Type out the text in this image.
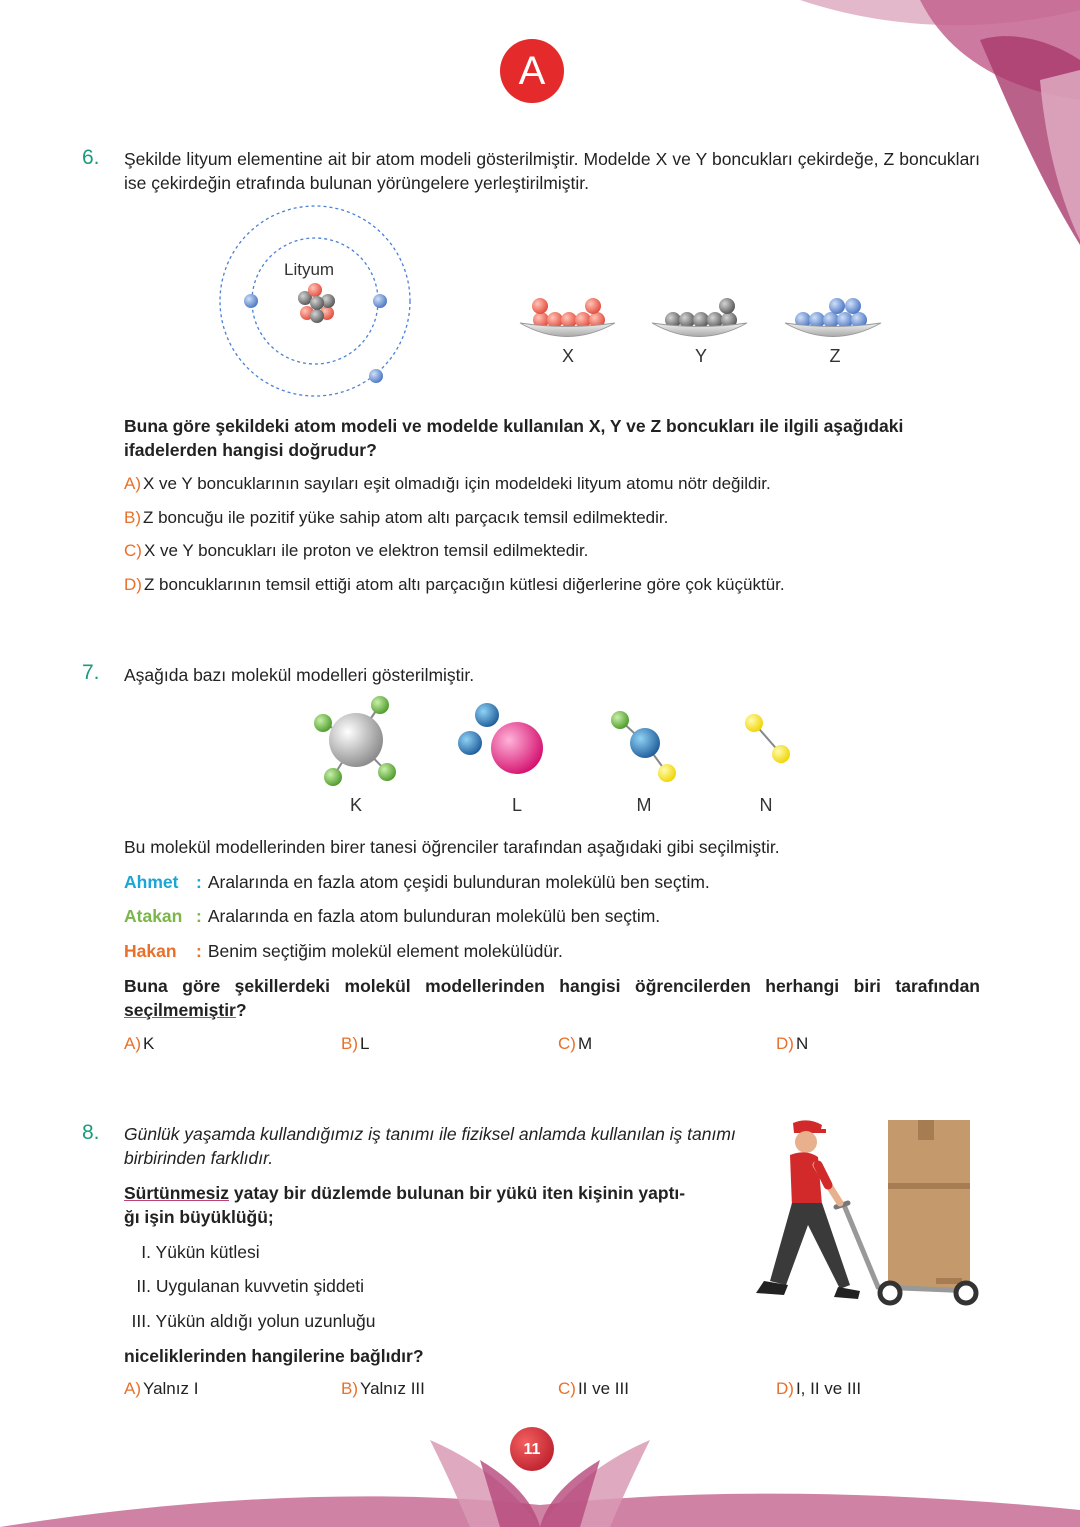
A
6. Şekilde lityum elementine ait bir atom modeli gösterilmiştir. Modelde X ve Y boncukları çekirdeğe, Z boncukları ise çekirdeğin etrafında bulunan yörüngelere yerleştirilmiştir.
Lityum
X	Y	Z
Buna göre şekildeki atom modeli ve modelde kullanılan X, Y ve Z boncukları ile ilgili aşağıdaki ifadelerden hangisi doğrudur?
A) X ve Y boncuklarının sayıları eşit olmadığı için modeldeki lityum atomu nötr değildir.
B) Z boncuğu ile pozitif yüke sahip atom altı parçacık temsil edilmektedir.
C) X ve Y boncukları ile proton ve elektron temsil edilmektedir.
D) Z boncuklarının temsil ettiği atom altı parçacığın kütlesi diğerlerine göre çok küçüktür.
7. Aşağıda bazı molekül modelleri gösterilmiştir.
K	L	M	N
Bu molekül modellerinden birer tanesi öğrenciler tarafından aşağıdaki gibi seçilmiştir.
Ahmet : Aralarında en fazla atom çeşidi bulunduran molekülü ben seçtim.
Atakan : Aralarında en fazla atom bulunduran molekülü ben seçtim.
Hakan : Benim seçtiğim molekül element molekülüdür.
Buna göre şekillerdeki molekül modellerinden hangisi öğrencilerden herhangi biri tarafından seçilmemiştir?
A) K	B) L	C) M	D) N
8. Günlük yaşamda kullandığımız iş tanımı ile fiziksel anlamda kullanılan iş tanımı birbirinden farklıdır.
Sürtünmesiz yatay bir düzlemde bulunan bir yükü iten kişinin yaptı-
ğı işin büyüklüğü;
I. Yükün kütlesi
II. Uygulanan kuvvetin şiddeti
III. Yükün aldığı yolun uzunluğu
niceliklerinden hangilerine bağlıdır?
A) Yalnız I	B) Yalnız III	C) II ve III	D) I, II ve III
11
